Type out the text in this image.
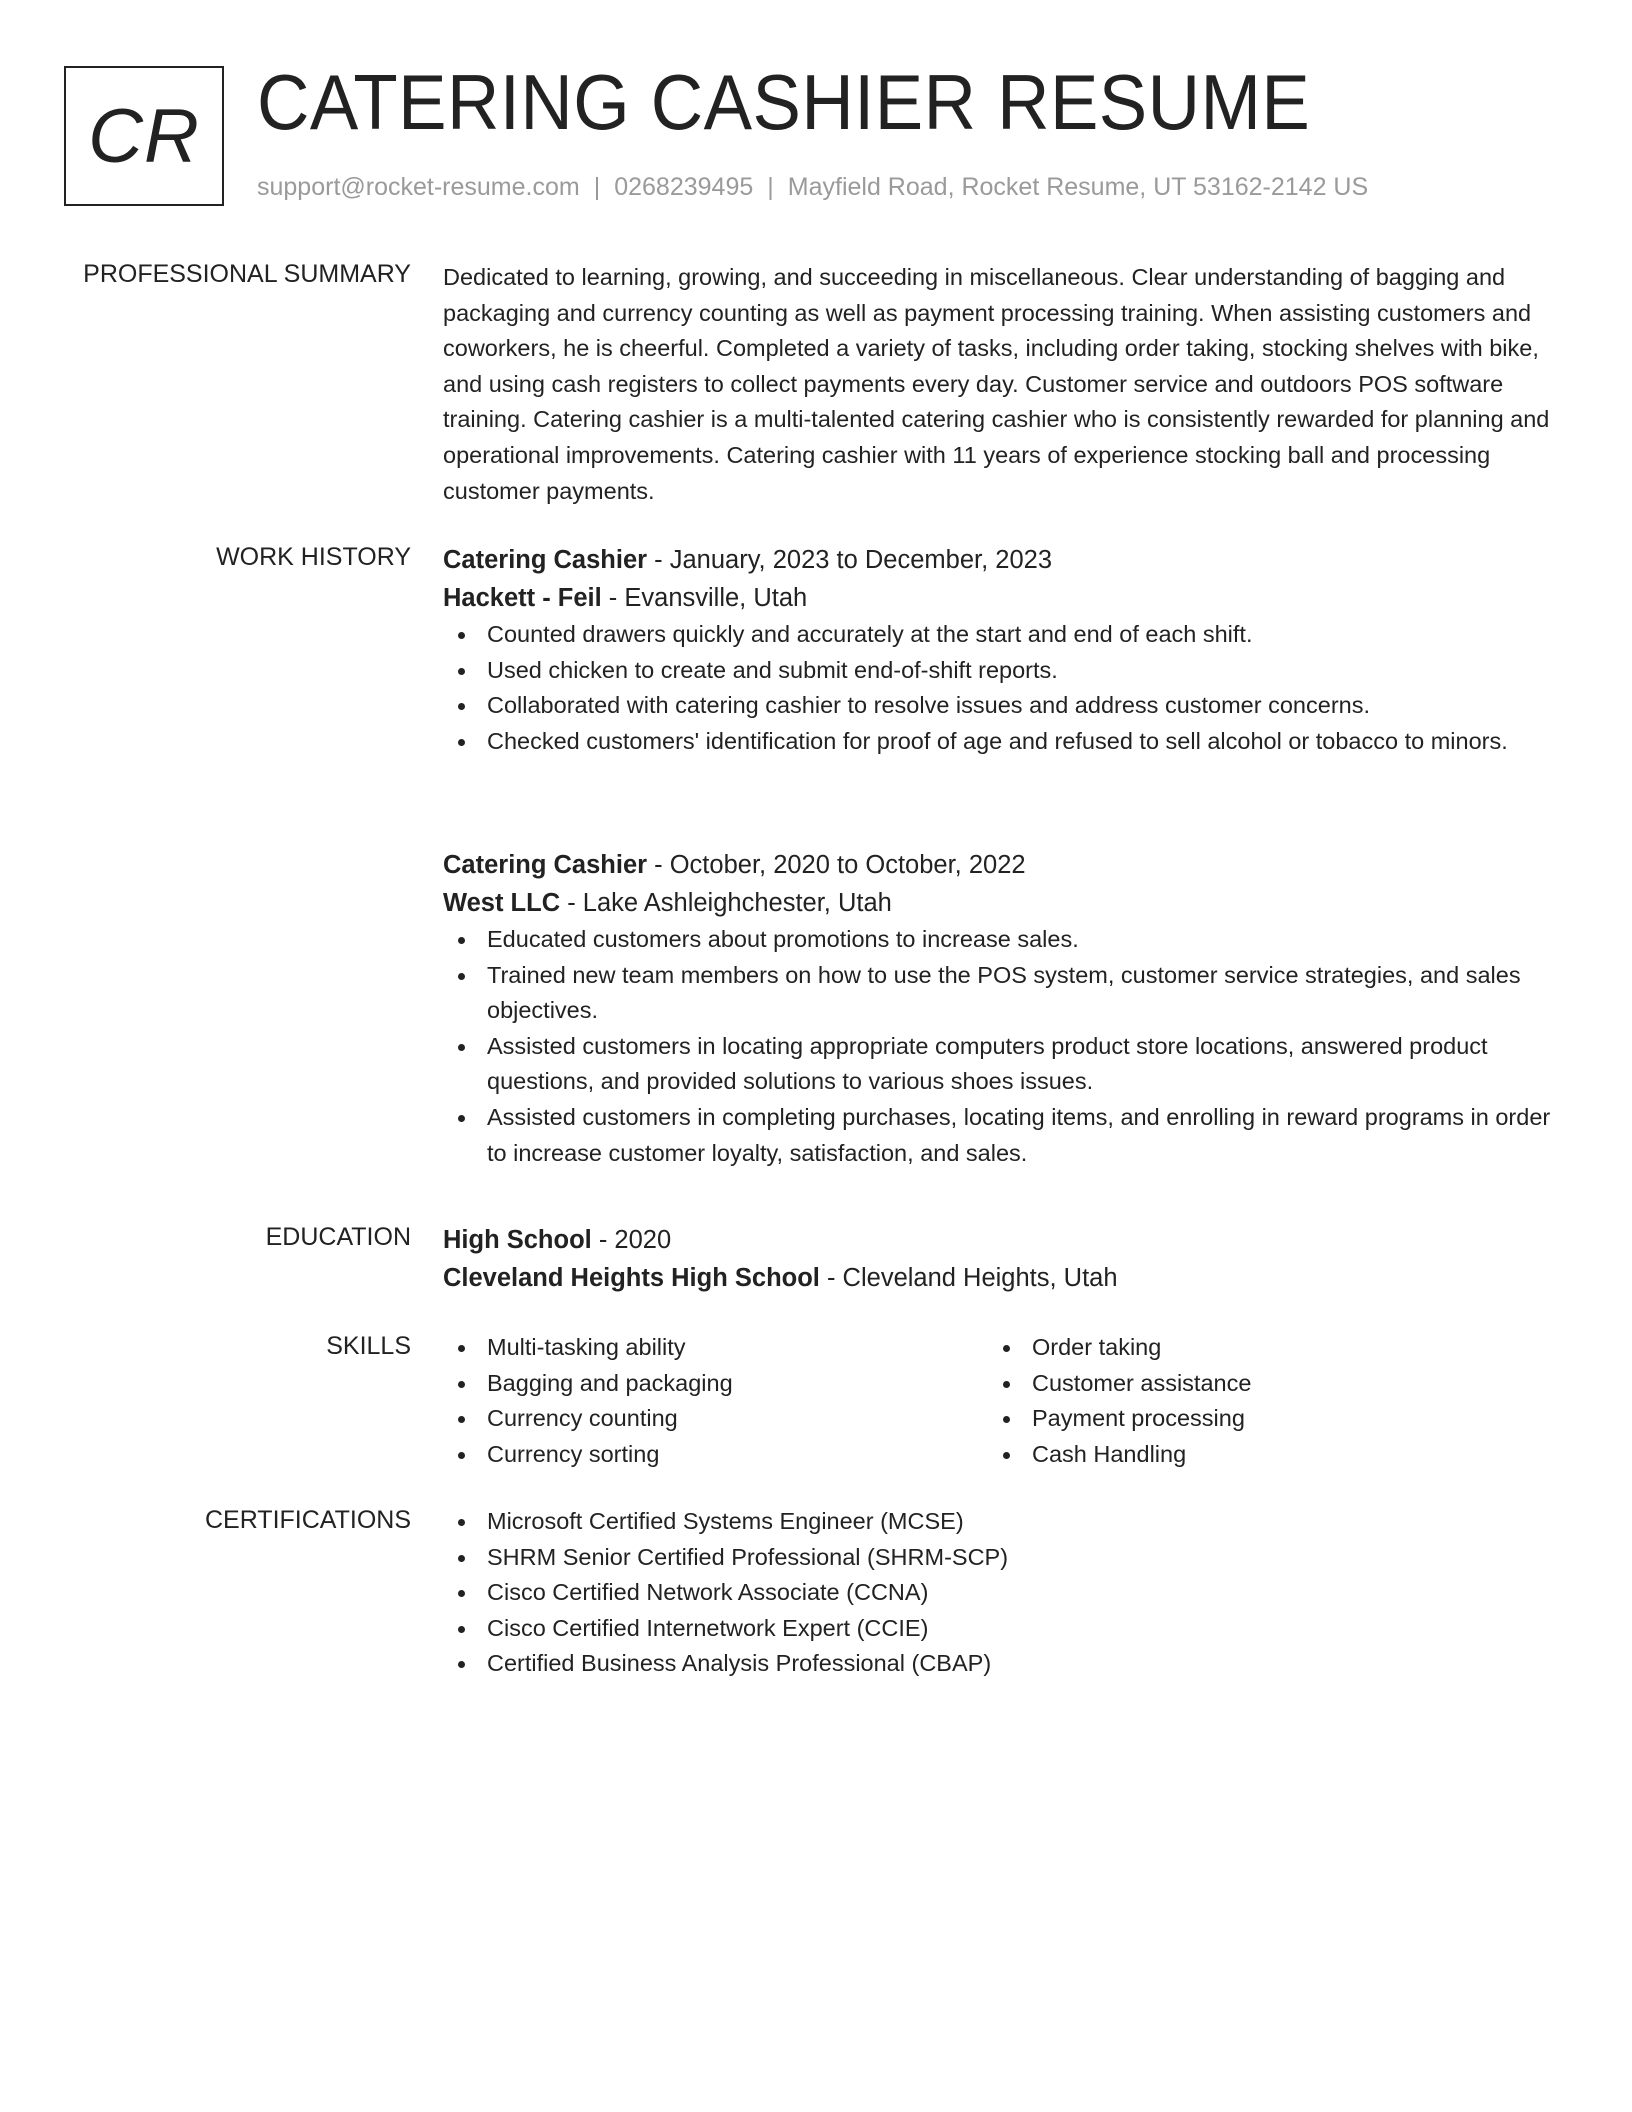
CR CATERING CASHIER RESUME
support@rocket-resume.com | 0268239495 | Mayfield Road, Rocket Resume, UT 53162-2142 US
PROFESSIONAL SUMMARY Dedicated to learning, growing, and succeeding in miscellaneous. Clear understanding of bagging and packaging and currency counting as well as payment processing training. When assisting customers and coworkers, he is cheerful. Completed a variety of tasks, including order taking, stocking shelves with bike, and using cash registers to collect payments every day. Customer service and outdoors POS software training. Catering cashier is a multi-talented catering cashier who is consistently rewarded for planning and operational improvements. Catering cashier with 11 years of experience stocking ball and processing customer payments.

WORK HISTORY Catering Cashier - January, 2023 to December, 2023
Hackett - Feil - Evansville, Utah
Counted drawers quickly and accurately at the start and end of each shift.
Used chicken to create and submit end-of-shift reports.
Collaborated with catering cashier to resolve issues and address customer concerns.
Checked customers' identification for proof of age and refused to sell alcohol or tobacco to minors.
Catering Cashier - October, 2020 to October, 2022
West LLC - Lake Ashleighchester, Utah
Educated customers about promotions to increase sales.
Trained new team members on how to use the POS system, customer service strategies, and sales objectives.
Assisted customers in locating appropriate computers product store locations, answered product questions, and provided solutions to various shoes issues.
Assisted customers in completing purchases, locating items, and enrolling in reward programs in order to increase customer loyalty, satisfaction, and sales.
EDUCATION High School - 2020
Cleveland Heights High School - Cleveland Heights, Utah
SKILLS	Multi-tasking ability
Bagging and packaging
Currency counting
Currency sorting
Order taking
Customer assistance
Payment processing
Cash Handling
CERTIFICATIONS	Microsoft Certified Systems Engineer (MCSE)
SHRM Senior Certified Professional (SHRM-SCP)
Cisco Certified Network Associate (CCNA)
Cisco Certified Internetwork Expert (CCIE)
Certified Business Analysis Professional (CBAP)
